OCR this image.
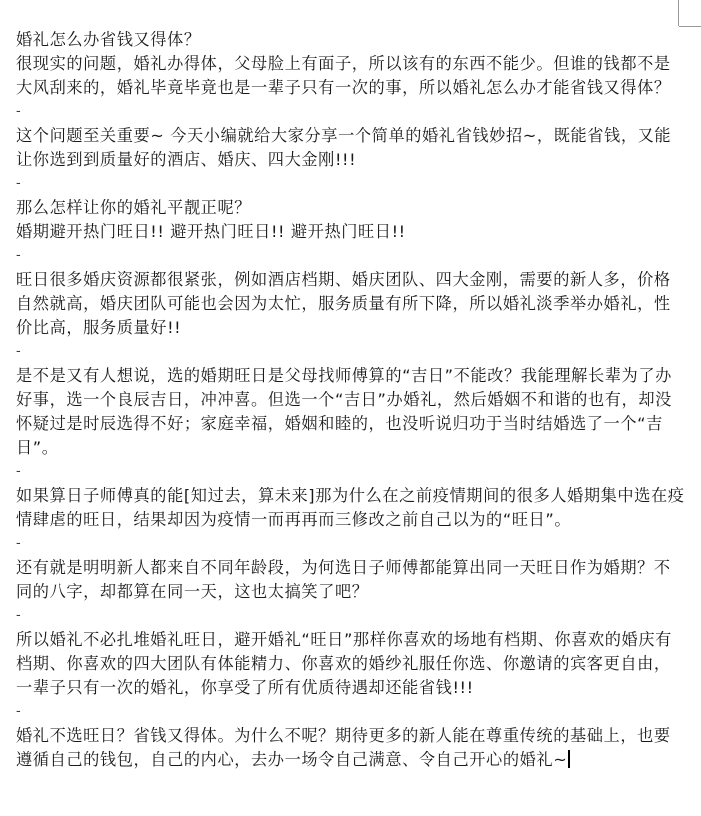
婚礼怎么办省钱又得体？

很现实的问题，婚礼办得体，父母脸上有面子，所以该有的东西不能少。但谁的钱都不是大风刮来的，婚礼毕竟毕竟也是一辈子只有一次的事，所以婚礼怎么办才能省钱又得体？

-

这个问题至关重要~ 今天小编就给大家分享一个简单的婚礼省钱妙招~，既能省钱，又能让你选到到质量好的酒店、婚庆、四大金刚!!!

-

那么怎样让你的婚礼平靓正呢？

婚期避开热门旺日!! 避开热门旺日!! 避开热门旺日!!

-

旺日很多婚庆资源都很紧张，例如酒店档期、婚庆团队、四大金刚，需要的新人多，价格自然就高，婚庆团队可能也会因为太忙，服务质量有所下降，所以婚礼淡季举办婚礼，性价比高，服务质量好!!

-

是不是又有人想说，选的婚期旺日是父母找师傅算的“吉日”不能改？我能理解长辈为了办好事，选一个良辰吉日，冲冲喜。但选一个“吉日”办婚礼，然后婚姻不和谐的也有，却没怀疑过是时辰选得不好；家庭幸福，婚姻和睦的，也没听说归功于当时结婚选了一个“吉日”。

-

如果算日子师傅真的能[知过去，算未来]那为什么在之前疫情期间的很多人婚期集中选在疫情肆虐的旺日，结果却因为疫情一而再再而三修改之前自己以为的“旺日”。

-

还有就是明明新人都来自不同年龄段，为何选日子师傅都能算出同一天旺日作为婚期？不同的八字，却都算在同一天，这也太搞笑了吧？

-

所以婚礼不必扎堆婚礼旺日，避开婚礼“旺日”那样你喜欢的场地有档期、你喜欢的婚庆有档期、你喜欢的四大团队有体能精力、你喜欢的婚纱礼服任你选、你邀请的宾客更自由，一辈子只有一次的婚礼，你享受了所有优质待遇却还能省钱!!!

-

婚礼不选旺日？省钱又得体。为什么不呢？期待更多的新人能在尊重传统的基础上，也要遵循自己的钱包，自己的内心，去办一场令自己满意、令自己开心的婚礼~
